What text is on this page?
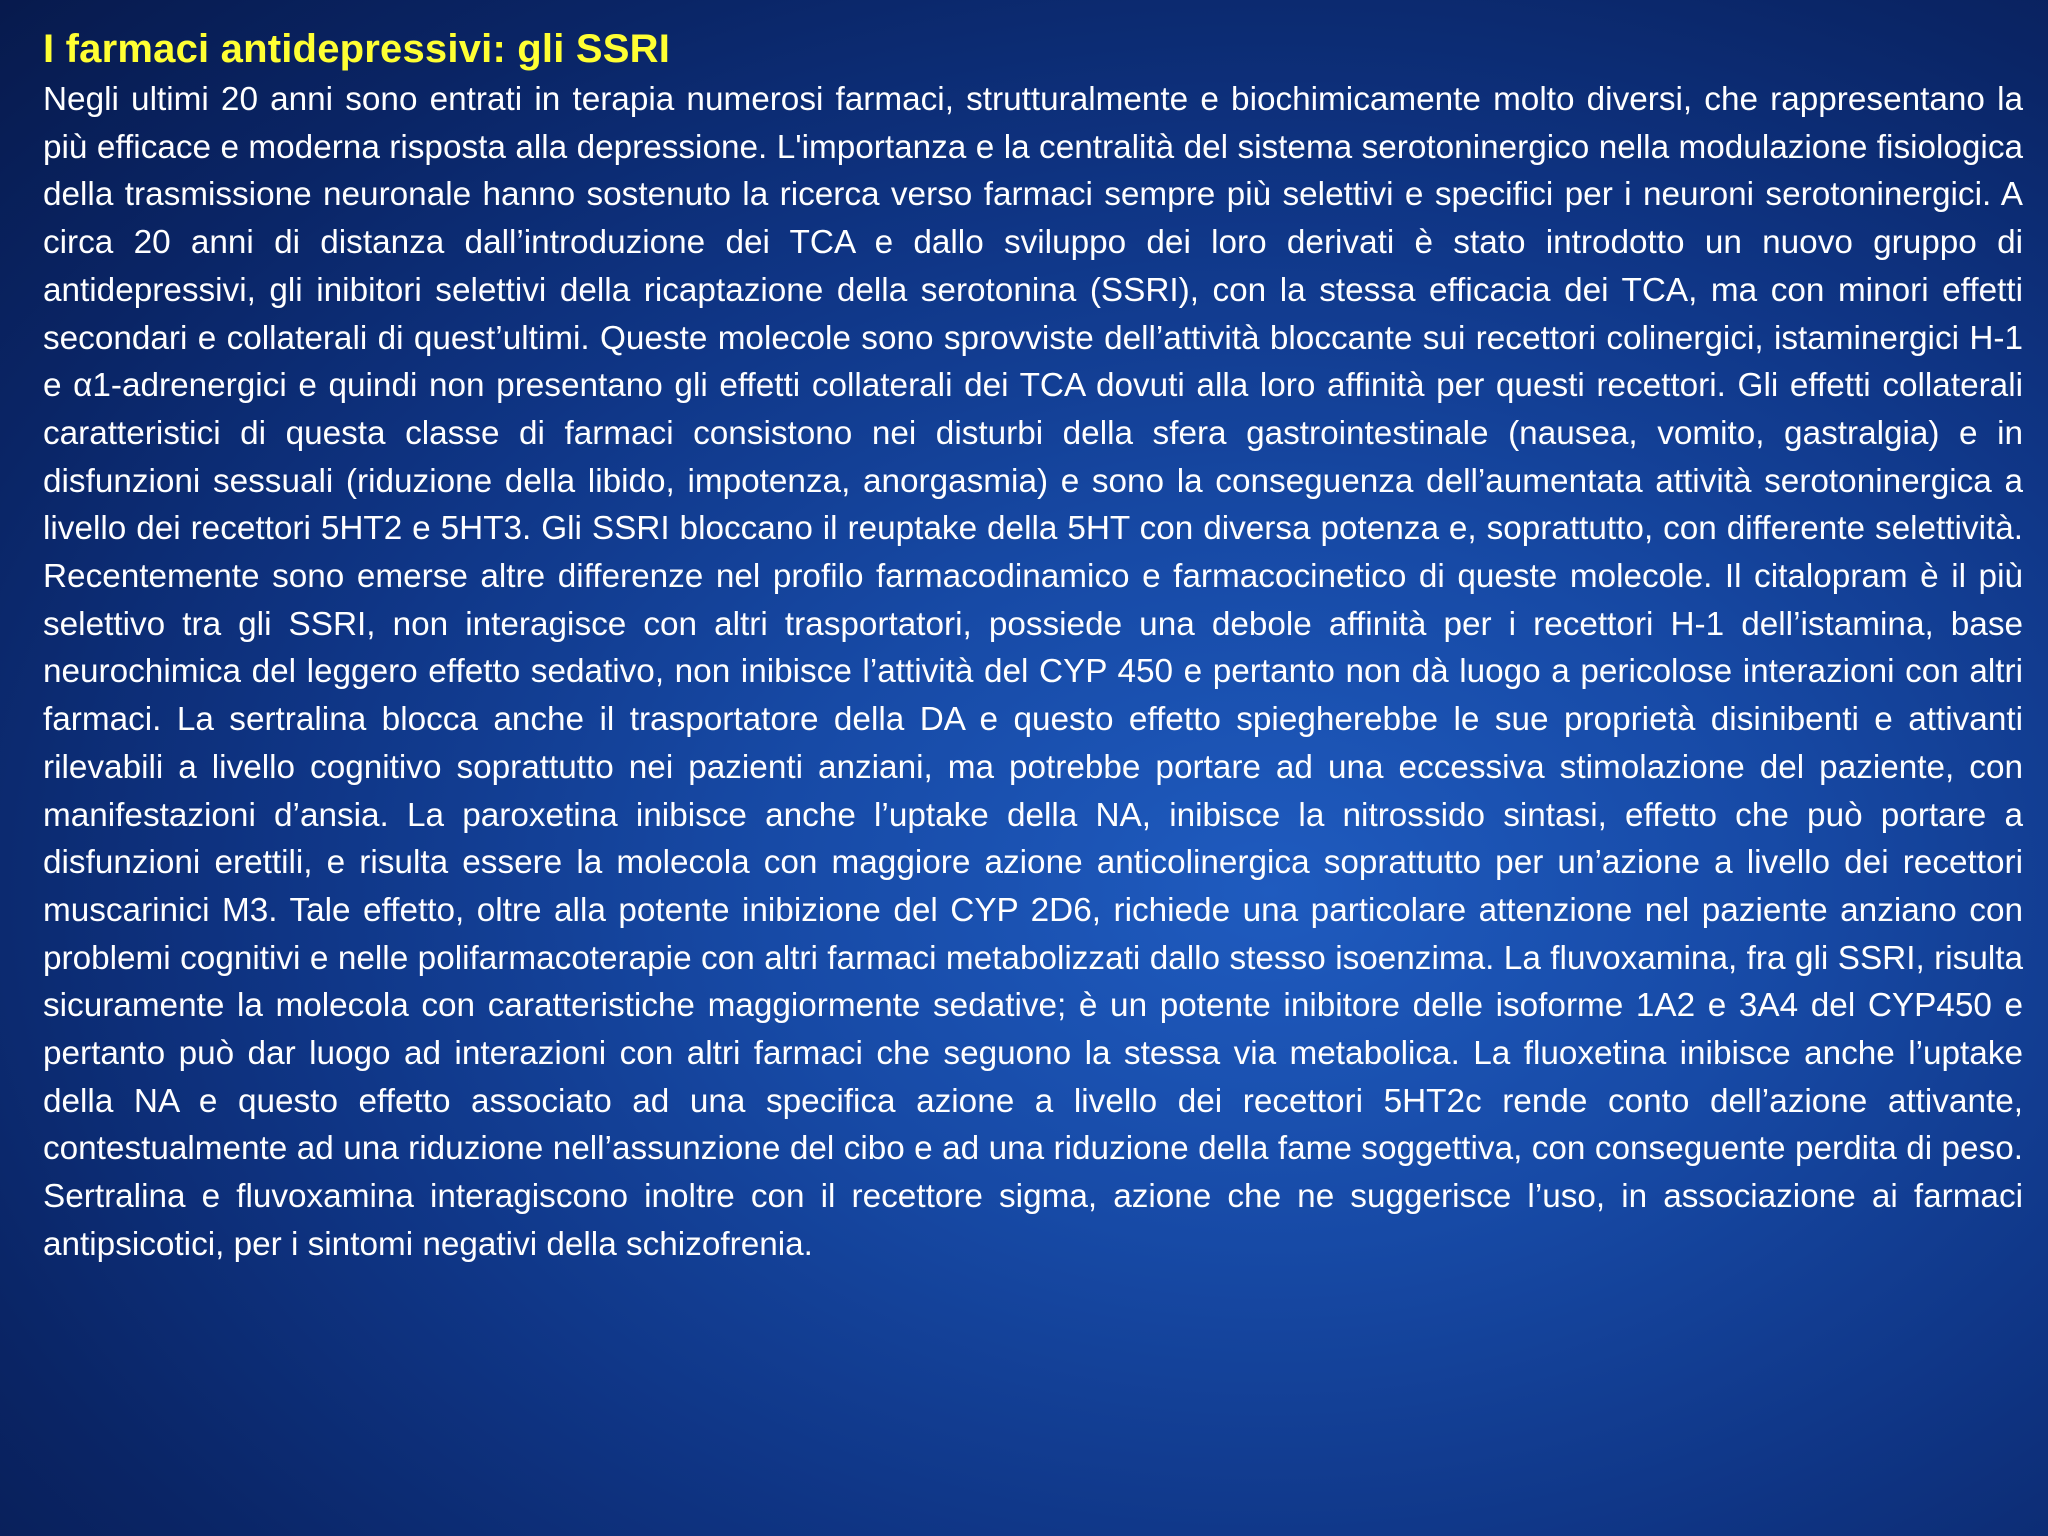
I farmaci antidepressivi: gli SSRI

Negli ultimi 20 anni sono entrati in terapia numerosi farmaci, strutturalmente e biochimicamente molto diversi, che rappresentano la più efficace e moderna risposta alla depressione. L'importanza e la centralità del sistema serotoninergico nella modulazione fisiologica della trasmissione neuronale hanno sostenuto la ricerca verso farmaci sempre più selettivi e specifici per i neuroni serotoninergici. A circa 20 anni di distanza dall’introduzione dei TCA e dallo sviluppo dei loro derivati è stato introdotto un nuovo gruppo di antidepressivi, gli inibitori selettivi della ricaptazione della serotonina (SSRI), con la stessa efficacia dei TCA, ma con minori effetti secondari e collaterali di quest’ultimi. Queste molecole sono sprovviste dell’attività bloccante sui recettori colinergici, istaminergici H-1 e α1-adrenergici e quindi non presentano gli effetti collaterali dei TCA dovuti alla loro affinità per questi recettori. Gli effetti collaterali caratteristici di questa classe di farmaci consistono nei disturbi della sfera gastrointestinale (nausea, vomito, gastralgia) e in disfunzioni sessuali (riduzione della libido, impotenza, anorgasmia) e sono la conseguenza dell’aumentata attività serotoninergica a livello dei recettori 5HT2 e 5HT3. Gli SSRI bloccano il reuptake della 5HT con diversa potenza e, soprattutto, con differente selettività. Recentemente sono emerse altre differenze nel profilo farmacodinamico e farmacocinetico di queste molecole. Il citalopram è il più selettivo tra gli SSRI, non interagisce con altri trasportatori, possiede una debole affinità per i recettori H-1 dell’istamina, base neurochimica del leggero effetto sedativo, non inibisce l’attività del CYP 450 e pertanto non dà luogo a pericolose interazioni con altri farmaci. La sertralina blocca anche il trasportatore della DA e questo effetto spiegherebbe le sue proprietà disinibenti e attivanti rilevabili a livello cognitivo soprattutto nei pazienti anziani, ma potrebbe portare ad una eccessiva stimolazione del paziente, con manifestazioni d’ansia. La paroxetina inibisce anche l’uptake della NA, inibisce la nitrossido sintasi, effetto che può portare a disfunzioni erettili, e risulta essere la molecola con maggiore azione anticolinergica soprattutto per un’azione a livello dei recettori muscarinici M3. Tale effetto, oltre alla potente inibizione del CYP 2D6, richiede una particolare attenzione nel paziente anziano con problemi cognitivi e nelle polifarmacoterapie con altri farmaci metabolizzati dallo stesso isoenzima. La fluvoxamina, fra gli SSRI, risulta sicuramente la molecola con caratteristiche maggiormente sedative; è un potente inibitore delle isoforme 1A2 e 3A4 del CYP450 e pertanto può dar luogo ad interazioni con altri farmaci che seguono la stessa via metabolica. La fluoxetina inibisce anche l’uptake della NA e questo effetto associato ad una specifica azione a livello dei recettori 5HT2c rende conto dell’azione attivante, contestualmente ad una riduzione nell’assunzione del cibo e ad una riduzione della fame soggettiva, con conseguente perdita di peso. Sertralina e fluvoxamina interagiscono inoltre con il recettore sigma, azione che ne suggerisce l’uso, in associazione ai farmaci antipsicotici, per i sintomi negativi della schizofrenia.
